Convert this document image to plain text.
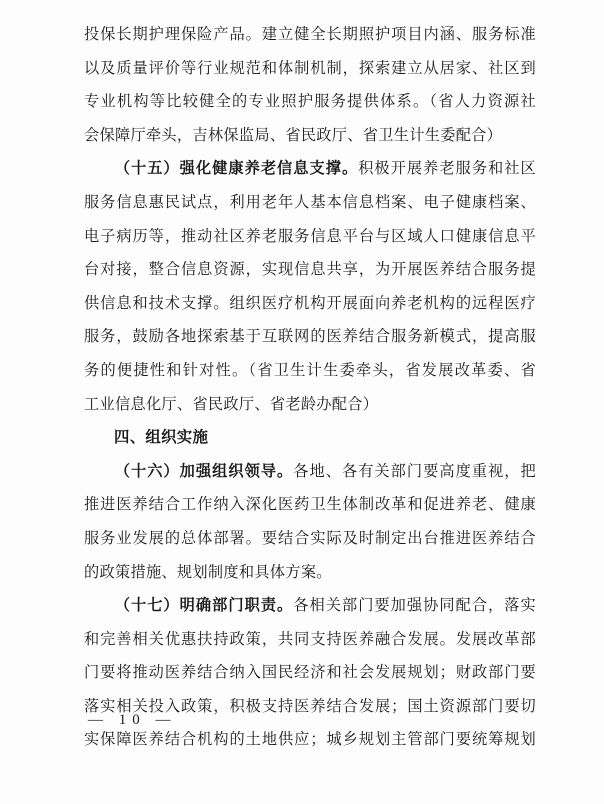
投保长期护理保险产品。建立健全长期照护项目内涵、服务标准
以及质量评价等行业规范和体制机制，探索建立从居家、社区到
专业机构等比较健全的专业照护服务提供体系。（省人力资源社
会保障厅牵头，吉林保监局、省民政厅、省卫生计生委配合）
（十五）强化健康养老信息支撑。积极开展养老服务和社区
服务信息惠民试点，利用老年人基本信息档案、电子健康档案、
电子病历等，推动社区养老服务信息平台与区域人口健康信息平
台对接，整合信息资源，实现信息共享，为开展医养结合服务提
供信息和技术支撑。组织医疗机构开展面向养老机构的远程医疗
服务，鼓励各地探索基于互联网的医养结合服务新模式，提高服
务的便捷性和针对性。（省卫生计生委牵头，省发展改革委、省
工业信息化厅、省民政厅、省老龄办配合）
四、组织实施
（十六）加强组织领导。各地、各有关部门要高度重视，把
推进医养结合工作纳入深化医药卫生体制改革和促进养老、健康
服务业发展的总体部署。要结合实际及时制定出台推进医养结合
的政策措施、规划制度和具体方案。
（十七）明确部门职责。各相关部门要加强协同配合，落实
和完善相关优惠扶持政策，共同支持医养融合发展。发展改革部
门要将推动医养结合纳入国民经济和社会发展规划；财政部门要
落实相关投入政策，积极支持医养结合发展；国土资源部门要切
实保障医养结合机构的土地供应；城乡规划主管部门要统筹规划
— 10 —
